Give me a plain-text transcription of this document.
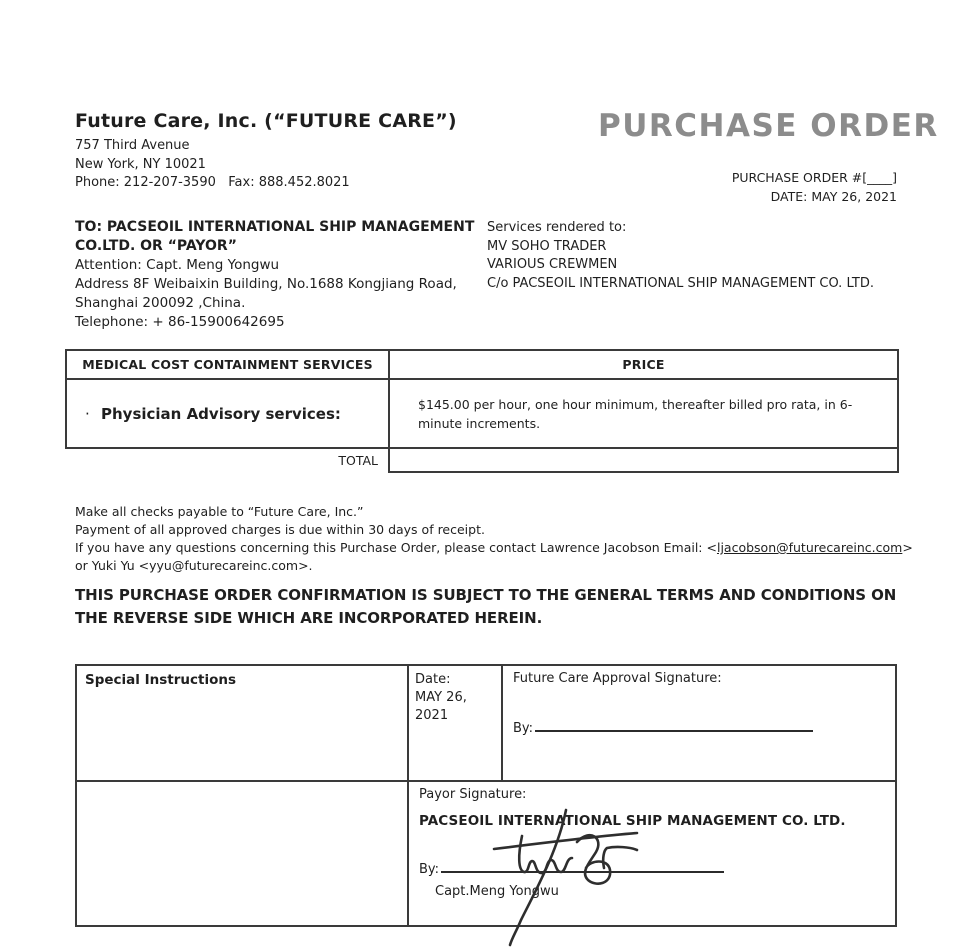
Future Care, Inc. (“FUTURE CARE”)
757 Third Avenue
New York, NY 10021
Phone: 212-207-3590   Fax: 888.452.8021
PURCHASE ORDER
PURCHASE ORDER #[____]
DATE: MAY 26, 2021
TO: PACSEOIL INTERNATIONAL SHIP MANAGEMENT
CO.LTD. OR “PAYOR”
Attention: Capt. Meng Yongwu
Address 8F Weibaixin Building, No.1688 Kongjiang Road,
Shanghai 200092 ,China.
Telephone: + 86-15900642695
Services rendered to:
MV SOHO TRADER
VARIOUS CREWMEN
C/o PACSEOIL INTERNATIONAL SHIP MANAGEMENT CO. LTD.
MEDICAL COST CONTAINMENT SERVICES	PRICE
· Physician Advisory services:	$145.00 per hour, one hour minimum, thereafter billed pro rata, in 6-minute increments.
TOTAL	
Make all checks payable to “Future Care, Inc.”
Payment of all approved charges is due within 30 days of receipt.
If you have any questions concerning this Purchase Order, please contact Lawrence Jacobson Email: <ljacobson@futurecareinc.com>
or Yuki Yu <yyu@futurecareinc.com>.
THIS PURCHASE ORDER CONFIRMATION IS SUBJECT TO THE GENERAL TERMS AND CONDITIONS ON
THE REVERSE SIDE WHICH ARE INCORPORATED HEREIN.
Special Instructions	Date:
MAY 26,
2021

Future Care Approval Signature:
By:

	Payor Signature:
PACSEOIL INTERNATIONAL SHIP MANAGEMENT CO. LTD.
By:
Capt.Meng Yongwu	
